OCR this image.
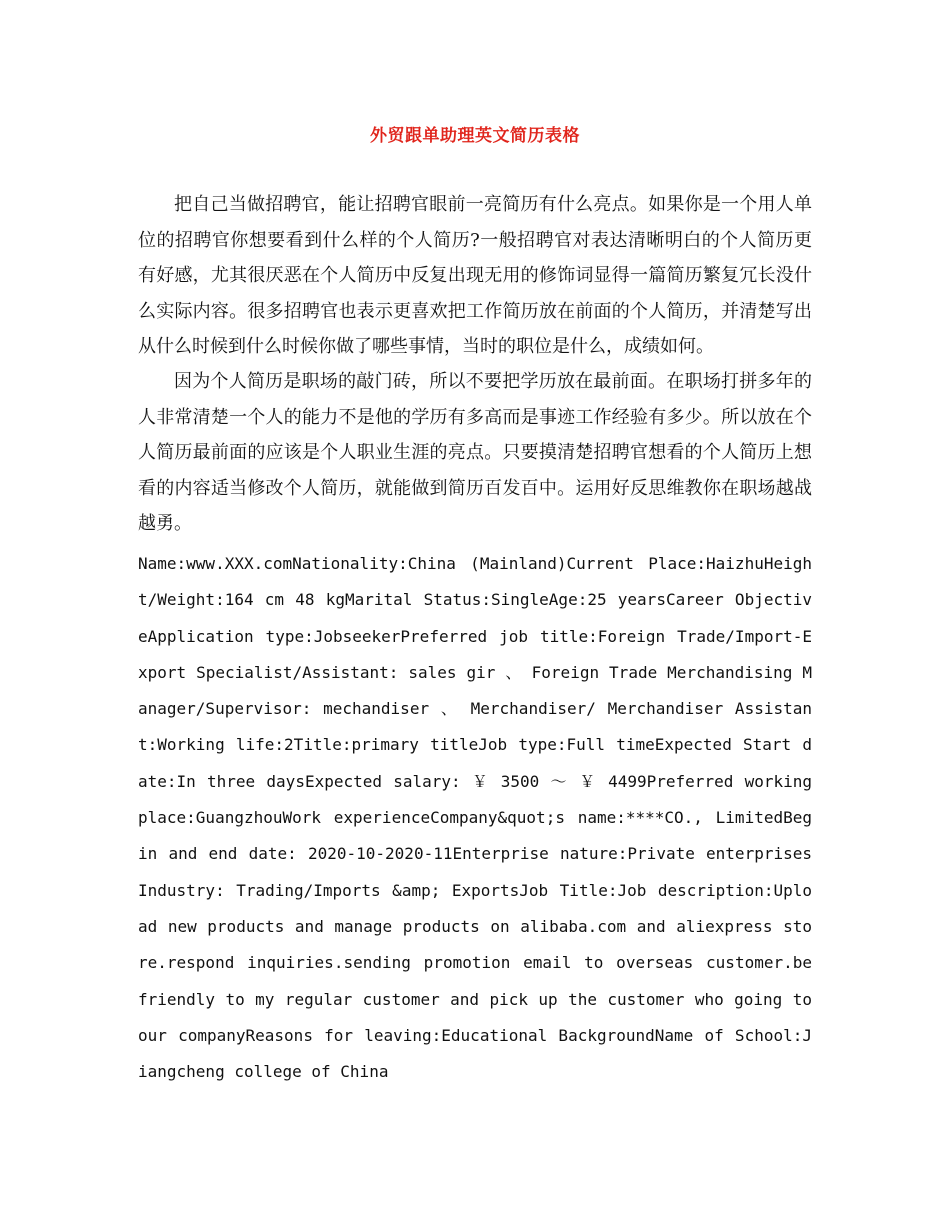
外贸跟单助理英文简历表格

把自己当做招聘官，能让招聘官眼前一亮简历有什么亮点。如果你是一个用人单位的招聘官你想要看到什么样的个人简历?一般招聘官对表达清晰明白的个人简历更有好感，尤其很厌恶在个人简历中反复出现无用的修饰词显得一篇简历繁复冗长没什么实际内容。很多招聘官也表示更喜欢把工作简历放在前面的个人简历，并清楚写出从什么时候到什么时候你做了哪些事情，当时的职位是什么，成绩如何。

因为个人简历是职场的敲门砖，所以不要把学历放在最前面。在职场打拼多年的人非常清楚一个人的能力不是他的学历有多高而是事迹工作经验有多少。所以放在个人简历最前面的应该是个人职业生涯的亮点。只要摸清楚招聘官想看的个人简历上想看的内容适当修改个人简历，就能做到简历百发百中。运用好反思维教你在职场越战越勇。

Name:www.XXX.comNationality:China (Mainland)Current Place:HaizhuHeight/Weight:164 cm 48 kgMarital Status:SingleAge:25 yearsCareer ObjectiveApplication type:JobseekerPreferred job title:Foreign Trade/Import-Export Specialist/Assistant: sales gir 、 Foreign Trade Merchandising Manager/Supervisor: mechandiser 、 Merchandiser/ Merchandiser Assistant:Working life:2Title:primary titleJob type:Full timeExpected Start date:In three daysExpected salary: ￥ 3500 ～ ￥ 4499Preferred working place:GuangzhouWork experienceCompany&quot;s name:****CO., LimitedBegin and end date: 2020-10-2020-11Enterprise nature:Private enterprisesIndustry: Trading/Imports &amp; ExportsJob Title:Job description:Upload new products and manage products on alibaba.com and aliexpress store.respond inquiries.sending promotion email to overseas customer.be friendly to my regular customer and pick up the customer who going to our companyReasons for leaving:Educational BackgroundName of School:Jiangcheng college of China
